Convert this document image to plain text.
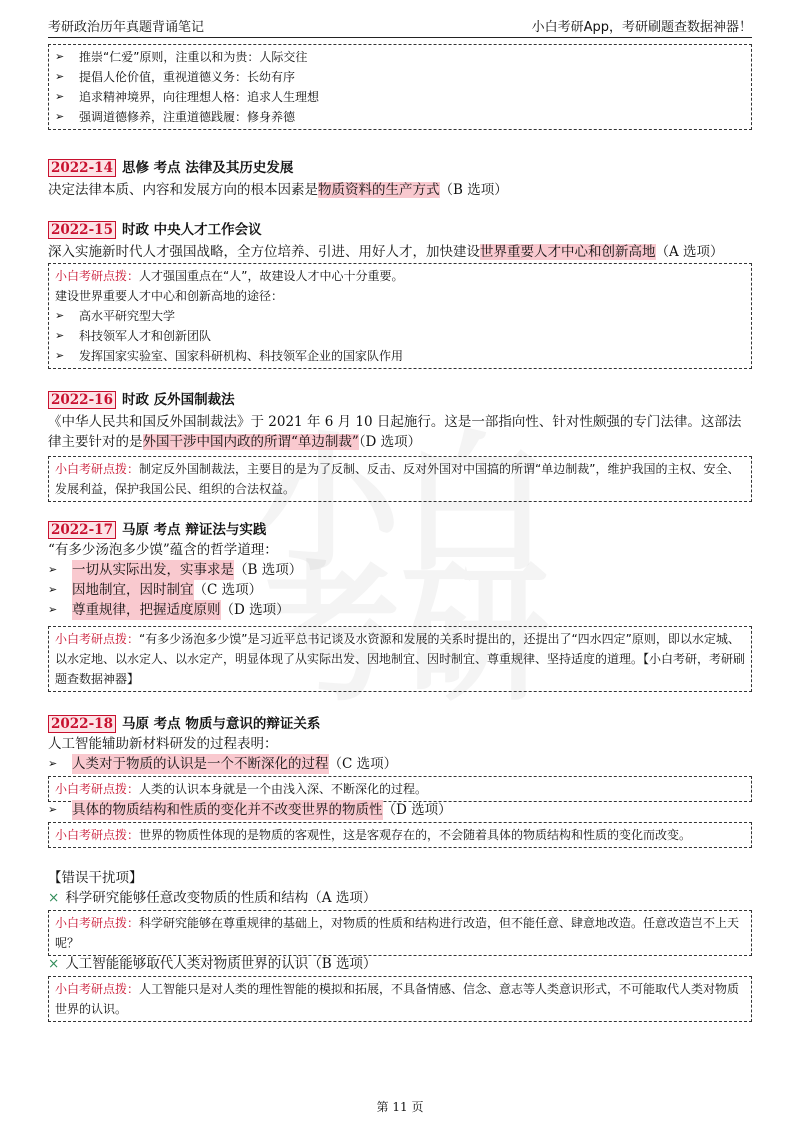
考研政治历年真题背诵笔记	小白考研App，考研刷题查数据神器！
➢	推崇“仁爱”原则，注重以和为贵：人际交往
➢	提倡人伦价值，重视道德义务：长幼有序
➢	追求精神境界，向往理想人格：追求人生理想
➢	强调道德修养，注重道德践履：修身养德
2022-14 思修 考点 法律及其历史发展
决定法律本质、内容和发展方向的根本因素是物质资料的生产方式（B 选项）
2022-15 时政 中央人才工作会议
深入实施新时代人才强国战略，全方位培养、引进、用好人才，加快建设世界重要人才中心和创新高地（A 选项）
小白考研点拨：人才强国重点在“人”，故建设人才中心十分重要。
建设世界重要人才中心和创新高地的途径：
➢	高水平研究型大学
➢	科技领军人才和创新团队
➢	发挥国家实验室、国家科研机构、科技领军企业的国家队作用
2022-16 时政 反外国制裁法
《中华人民共和国反外国制裁法》于 2021 年 6 月 10 日起施行。这是一部指向性、针对性颇强的专门法律。这部法律主要针对的是外国干涉中国内政的所谓“单边制裁”（D 选项）
小白考研点拨：制定反外国制裁法，主要目的是为了反制、反击、反对外国对中国搞的所谓“单边制裁”，维护我国的主权、安全、发展利益，保护我国公民、组织的合法权益。
2022-17 马原 考点 辩证法与实践
“有多少汤泡多少馍”蕴含的哲学道理：
➢	一切从实际出发，实事求是 （B 选项）
➢	因地制宜，因时制宜 （C 选项）
➢	尊重规律，把握适度原则 （D 选项）
小白考研点拨：“有多少汤泡多少馍”是习近平总书记谈及水资源和发展的关系时提出的，还提出了“四水四定”原则，即以水定城、以水定地、以水定人、以水定产，明显体现了从实际出发、因地制宜、因时制宜、尊重规律、坚持适度的道理。【小白考研，考研刷题查数据神器】
2022-18 马原 考点 物质与意识的辩证关系
人工智能辅助新材料研发的过程表明：
➢	人类对于物质的认识是一个不断深化的过程 （C 选项）
小白考研点拨：人类的认识本身就是一个由浅入深、不断深化的过程。
➢	具体的物质结构和性质的变化并不改变世界的物质性 （D 选项）
小白考研点拨：世界的物质性体现的是物质的客观性，这是客观存在的，不会随着具体的物质结构和性质的变化而改变。
【错误干扰项】
× 科学研究能够任意改变物质的性质和结构（A 选项）
小白考研点拨：科学研究能够在尊重规律的基础上，对物质的性质和结构进行改造，但不能任意、肆意地改造。任意改造岂不上天呢？
× 人工智能能够取代人类对物质世界的认识（B 选项）
小白考研点拨：人工智能只是对人类的理性智能的模拟和拓展，不具备情感、信念、意志等人类意识形式，不可能取代人类对物质世界的认识。
第 11 页
